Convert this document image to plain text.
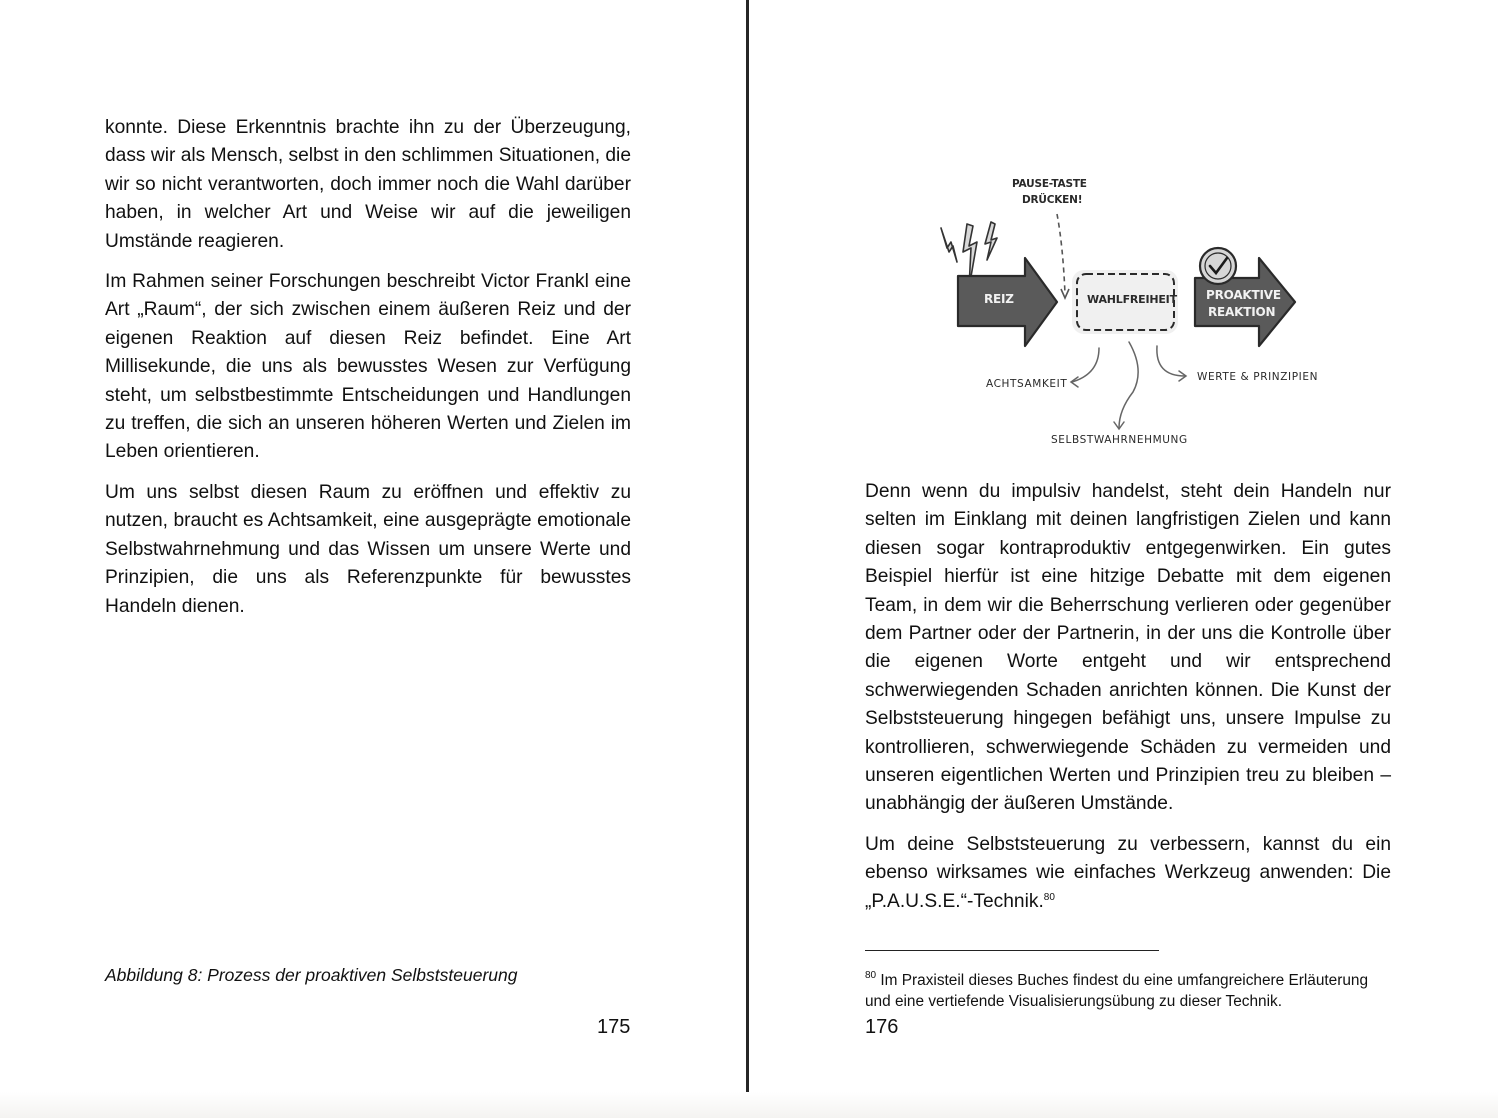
konnte. Diese Erkenntnis brachte ihn zu der Überzeugung, dass wir als Mensch, selbst in den schlimmen Situationen, die wir so nicht verantworten, doch immer noch die Wahl darüber haben, in welcher Art und Weise wir auf die jeweiligen Umstände reagieren.

Im Rahmen seiner Forschungen beschreibt Victor Frankl eine Art „Raum“, der sich zwischen einem äußeren Reiz und der eigenen Reaktion auf diesen Reiz befindet. Eine Art Millisekunde, die uns als bewusstes Wesen zur Verfügung steht, um selbstbestimmte Entscheidungen und Handlungen zu treffen, die sich an unseren höheren Werten und Zielen im Leben orientieren.

Um uns selbst diesen Raum zu eröffnen und effektiv zu nutzen, braucht es Achtsamkeit, eine ausgeprägte emotionale Selbstwahrnehmung und das Wissen um unsere Werte und Prinzipien, die uns als Referenzpunkte für bewusstes Handeln dienen.

Abbildung 8: Prozess der proaktiven Selbststeuerung
175
PAUSE-TASTE
DRÜCKEN!
REIZ	WAHLFREIHEIT PROAKTIVE
REAKTION
ACHTSAMKEIT
SELBSTWAHRNEHMUNG
WERTE & PRINZIPIEN

Denn wenn du impulsiv handelst, steht dein Handeln nur selten im Einklang mit deinen langfristigen Zielen und kann diesen sogar kontraproduktiv entgegenwirken. Ein gutes Beispiel hierfür ist eine hitzige Debatte mit dem eigenen Team, in dem wir die Beherrschung verlieren oder gegenüber dem Partner oder der Partnerin, in der uns die Kontrolle über die eigenen Worte entgeht und wir entsprechend schwerwiegenden Schaden anrichten können. Die Kunst der Selbststeuerung hingegen befähigt uns, unsere Impulse zu kontrollieren, schwerwiegende Schäden zu vermeiden und unseren eigentlichen Werten und Prinzipien treu zu bleiben – unabhängig der äußeren Umstände.

Um deine Selbststeuerung zu verbessern, kannst du ein ebenso wirksames wie einfaches Werkzeug anwenden: Die „P.A.U.S.E.“-Technik.$^{80}$

$^{80}$ Im Praxisteil dieses Buches findest du eine umfangreichere Erläuterung und eine vertiefende Visualisierungsübung zu dieser Technik.
176
